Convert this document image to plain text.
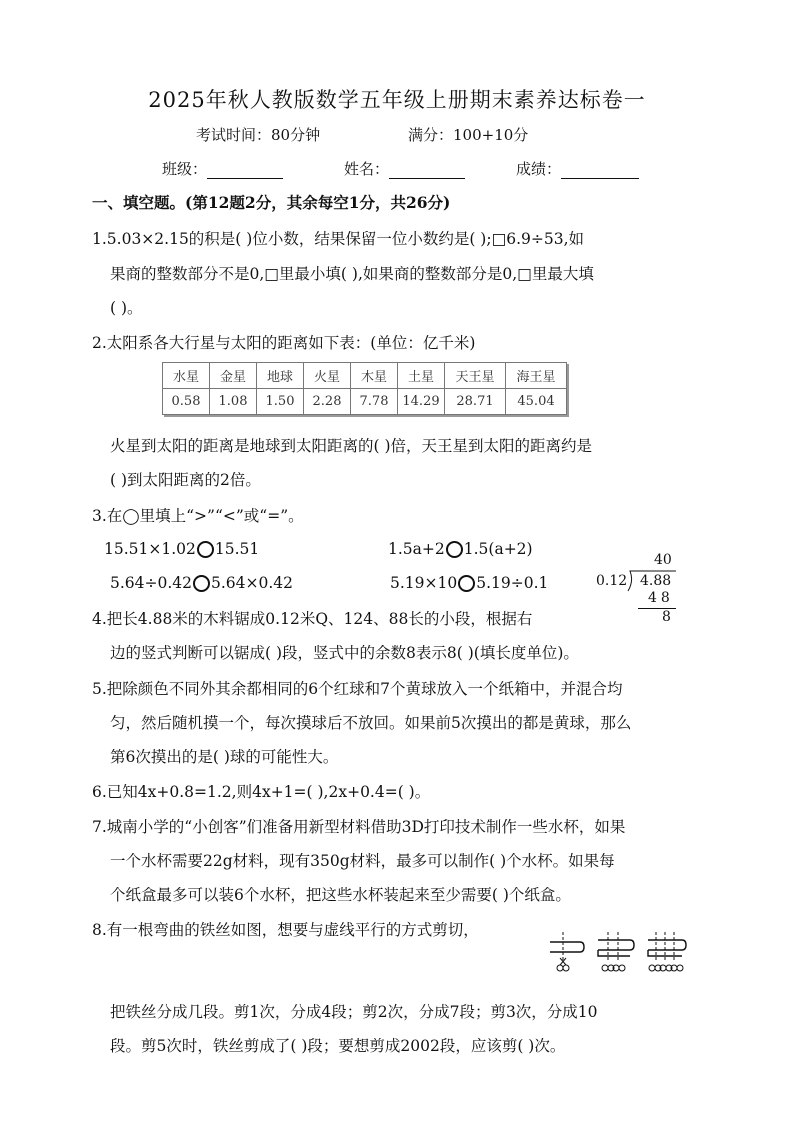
2025年秋人教版数学五年级上册期末素养达标卷一
考试时间：80分钟	满分：100+10分
班级：	姓名：	成绩：
一、填空题。(第12题2分，其余每空1分，共26分)
1.5.03×2.15的积是( )位小数，结果保留一位小数约是( );□6.9÷53,如
果商的整数部分不是0,□里最小填( ),如果商的整数部分是0,□里最大填
( )。
2.太阳系各大行星与太阳的距离如下表：(单位：亿千米)
水星	金星	地球	火星	木星	土星	天王星	海王星
0.58	1.08	1.50	2.28	7.78	14.29	28.71	45.04
火星到太阳的距离是地球到太阳距离的( )倍，天王星到太阳的距离约是
( )到太阳距离的2倍。
3.在◯里填上“>”“<”或“=”。
15.51×1.02 15.51	1.5a+2 1.5(a+2)
5.64÷0.42 5.64×0.42	5.19×10 5.19÷0.1
40
0.12 4.88
48
8
4.把长4.88米的木料锯成0.12米Q、124、88长的小段，根据右
边的竖式判断可以锯成( )段，竖式中的余数8表示8( )(填长度单位)。
5.把除颜色不同外其余都相同的6个红球和7个黄球放入一个纸箱中，并混合均
匀，然后随机摸一个，每次摸球后不放回。如果前5次摸出的都是黄球，那么
第6次摸出的是( )球的可能性大。
6.已知4x+0.8=1.2,则4x+1=( ),2x+0.4=( )。
7.城南小学的“小创客”们准备用新型材料借助3D打印技术制作一些水杯，如果
一个水杯需要22g材料，现有350g材料，最多可以制作( )个水杯。如果每
个纸盒最多可以装6个水杯，把这些水杯装起来至少需要( )个纸盒。
8.有一根弯曲的铁丝如图，想要与虚线平行的方式剪切，
把铁丝分成几段。剪1次，分成4段；剪2次，分成7段；剪3次，分成10
段。剪5次时，铁丝剪成了( )段；要想剪成2002段，应该剪( )次。
